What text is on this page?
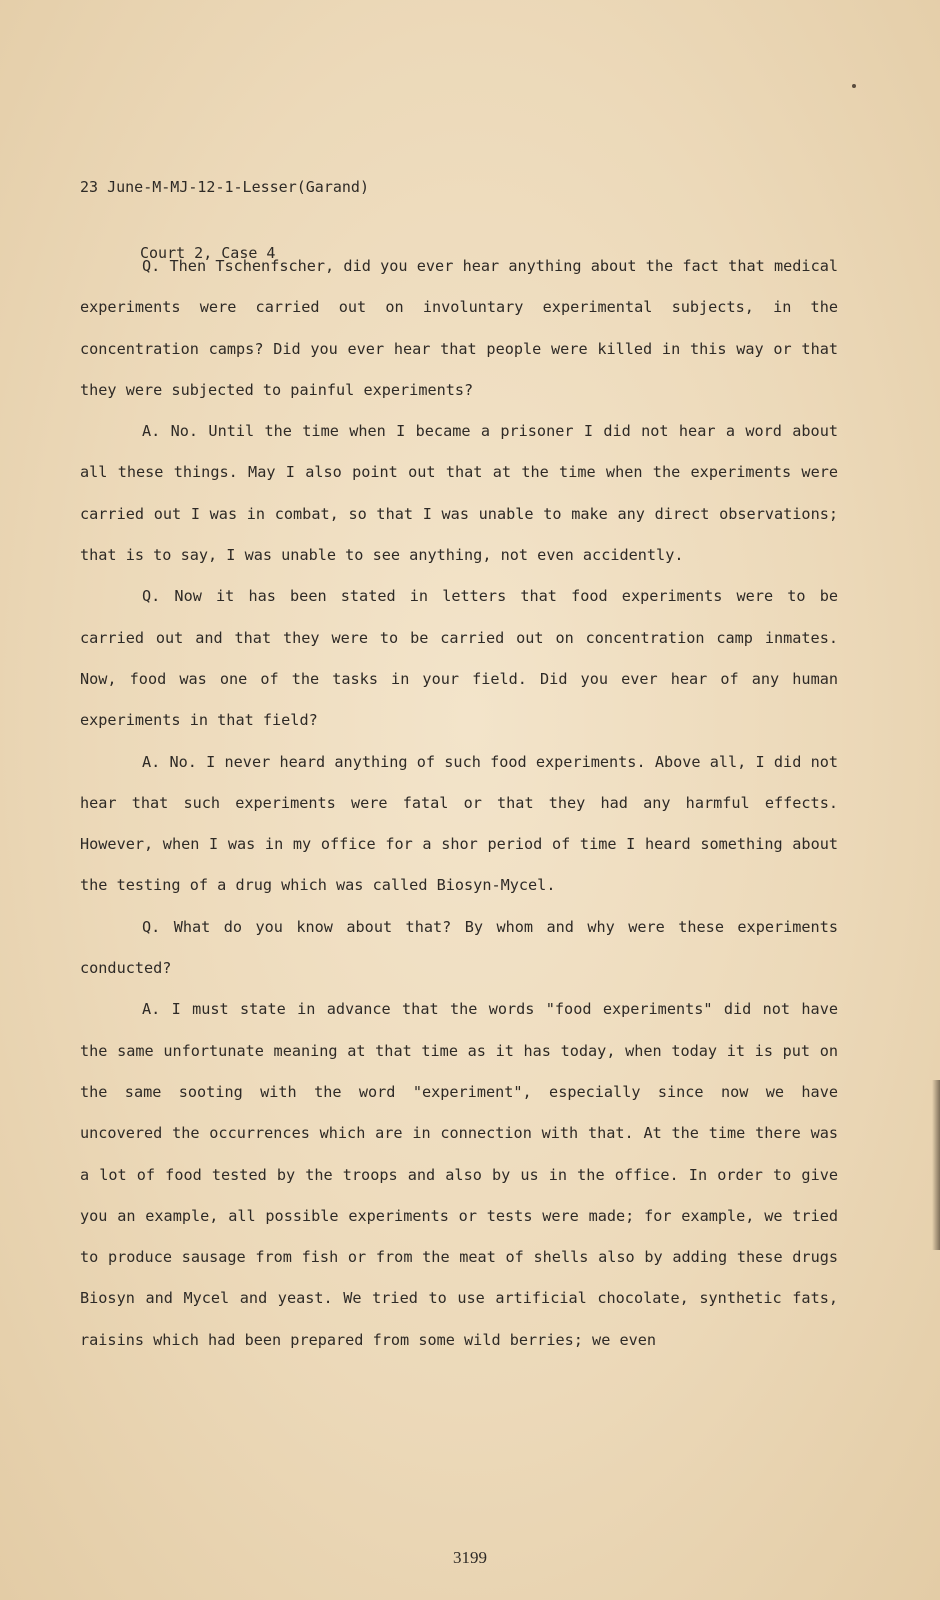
23 June-M-MJ-12-1-Lesser(Garand)

Court 2, Case 4

Q. Then Tschenfscher, did you ever hear anything about the fact that medical experiments were carried out on involuntary experimental subjects, in the concentration camps? Did you ever hear that people were killed in this way or that they were subjected to painful experiments?

A. No. Until the time when I became a prisoner I did not hear a word about all these things. May I also point out that at the time when the experiments were carried out I was in combat, so that I was unable to make any direct observations; that is to say, I was unable to see anything, not even accidently.

Q. Now it has been stated in letters that food experiments were to be carried out and that they were to be carried out on concentration camp inmates. Now, food was one of the tasks in your field. Did you ever hear of any human experiments in that field?

A. No. I never heard anything of such food experiments. Above all, I did not hear that such experiments were fatal or that they had any harmful effects. However, when I was in my office for a shor period of time I heard something about the testing of a drug which was called Biosyn-Mycel.

Q. What do you know about that? By whom and why were these experiments conducted?

A. I must state in advance that the words "food experiments" did not have the same unfortunate meaning at that time as it has today, when today it is put on the same sooting with the word "experiment", especially since now we have uncovered the occurrences which are in connection with that. At the time there was a lot of food tested by the troops and also by us in the office. In order to give you an example, all possible experiments or tests were made; for example, we tried to produce sausage from fish or from the meat of shells also by adding these drugs Biosyn and Mycel and yeast. We tried to use artificial chocolate, synthetic fats, raisins which had been prepared from some wild berries; we even

3199
